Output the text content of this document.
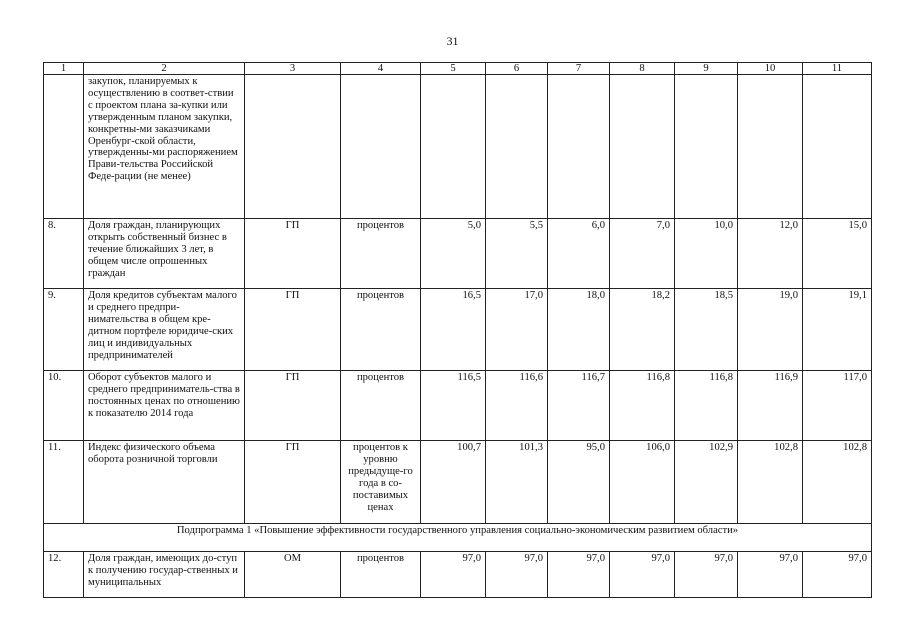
31
1	2	3	4	5	6	7	8	9	10	11
	закупок, планируемых к осуществлению в соответ-ствии с проектом плана за-купки или утвержденным планом закупки, конкретны-ми заказчиками Оренбург-ской области, утвержденны-ми распоряжением Прави-тельства Российской Феде-рации (не менее)									
8.	Доля граждан, планирующих открыть собственный бизнес в течение ближайших 3 лет, в общем числе опрошенных граждан	ГП	процентов	5,0	5,5	6,0	7,0	10,0	12,0	15,0
9.	Доля кредитов субъектам малого и среднего предпри-нимательства в общем кре-дитном портфеле юридиче-ских лиц и индивидуальных предпринимателей	ГП	процентов	16,5	17,0	18,0	18,2	18,5	19,0	19,1
10.	Оборот субъектов малого и среднего предприниматель-ства в постоянных ценах по отношению к показателю 2014 года	ГП	процентов	116,5	116,6	116,7	116,8	116,8	116,9	117,0
11.	Индекс физического объема оборота розничной торговли	ГП	процентов к уровню предыдуще-го года в со-поставимых ценах	100,7	101,3	95,0	106,0	102,9	102,8	102,8
Подпрограмма 1 «Повышение эффективности государственного управления социально-экономическим развитием области»										
12.	Доля граждан, имеющих до-ступ к получению государ-ственных и муниципальных	ОМ	процентов	97,0	97,0	97,0	97,0	97,0	97,0	97,0
